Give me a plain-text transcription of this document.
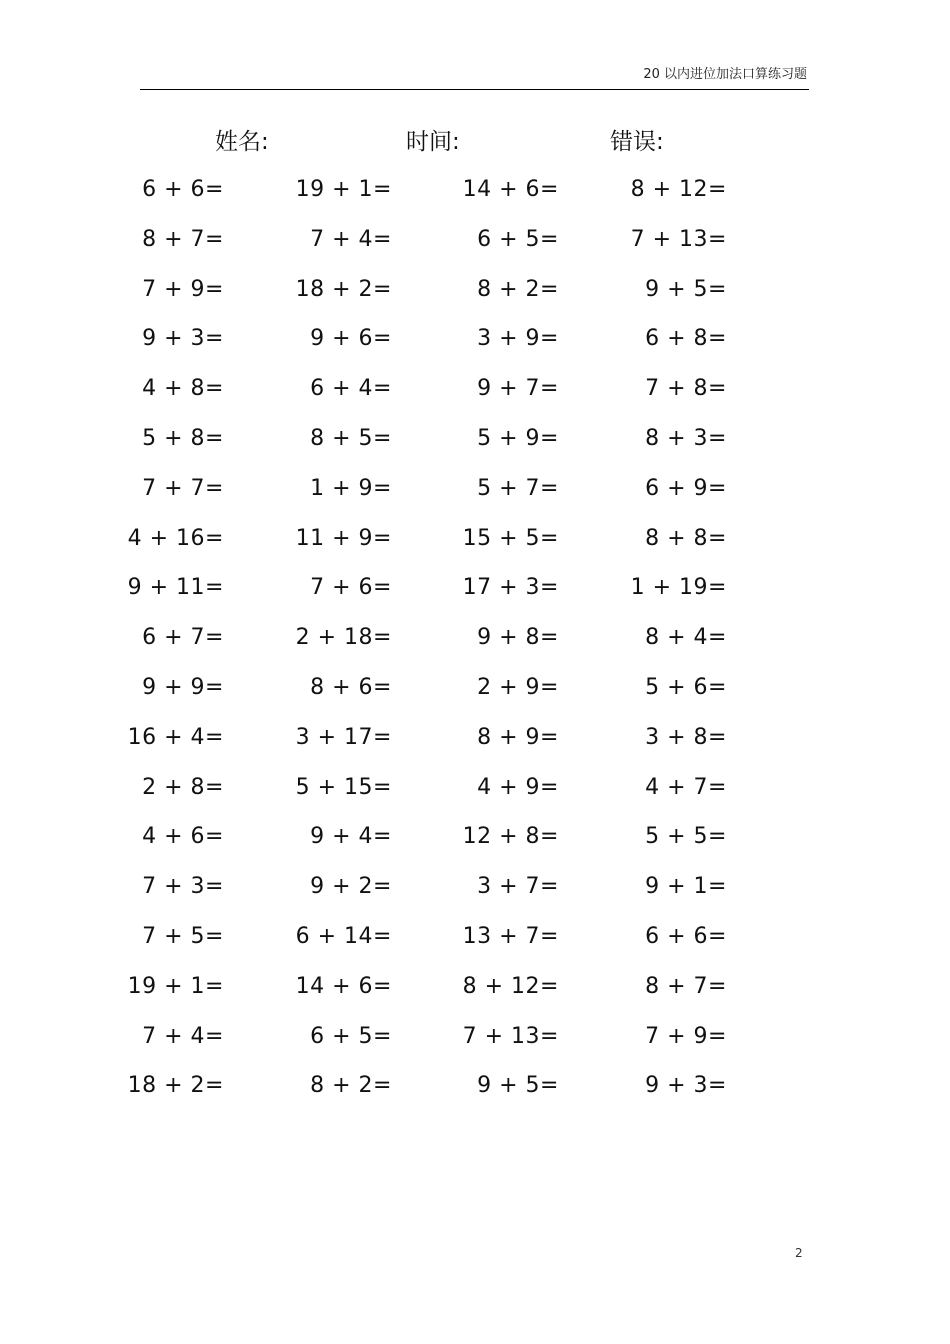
20 以内进位加法口算练习题
姓名:	时间:	错误:
6 + 6=	19 + 1=	14 + 6=	8 + 12=
8 + 7=	7 + 4=	6 + 5=	7 + 13=
7 + 9=	18 + 2=	8 + 2=	9 + 5=
9 + 3=	9 + 6=	3 + 9=	6 + 8=
4 + 8=	6 + 4=	9 + 7=	7 + 8=
5 + 8=	8 + 5=	5 + 9=	8 + 3=
7 + 7=	1 + 9=	5 + 7=	6 + 9=
4 + 16=	11 + 9=	15 + 5=	8 + 8=
9 + 11=	7 + 6=	17 + 3=	1 + 19=
6 + 7=	2 + 18=	9 + 8=	8 + 4=
9 + 9=	8 + 6=	2 + 9=	5 + 6=
16 + 4=	3 + 17=	8 + 9=	3 + 8=
2 + 8=	5 + 15=	4 + 9=	4 + 7=
4 + 6=	9 + 4=	12 + 8=	5 + 5=
7 + 3=	9 + 2=	3 + 7=	9 + 1=
7 + 5=	6 + 14=	13 + 7=	6 + 6=
19 + 1=	14 + 6=	8 + 12=	8 + 7=
7 + 4=	6 + 5=	7 + 13=	7 + 9=
18 + 2=	8 + 2=	9 + 5=	9 + 3=
2
